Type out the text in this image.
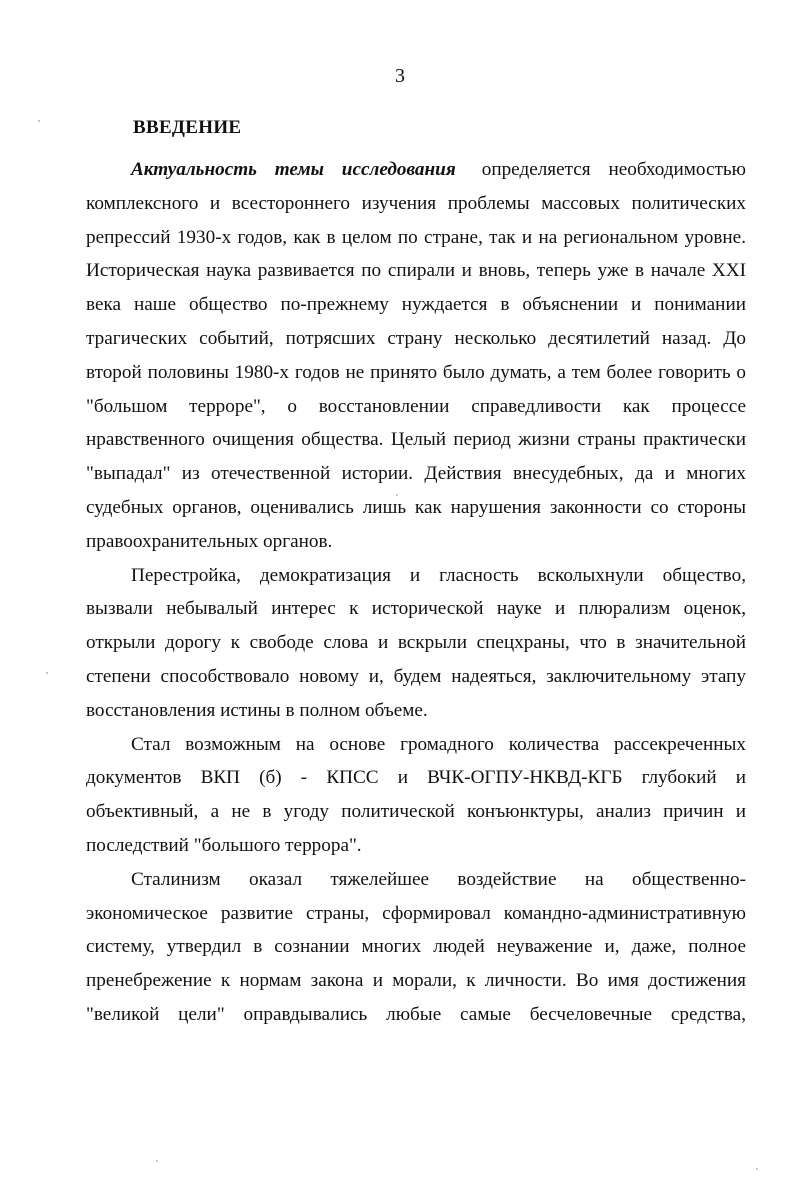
3
ВВЕДЕНИЕ

Актуальность темы исследования определяется необходимостью комплексного и всестороннего изучения проблемы массовых политических репрессий 1930-х годов, как в целом по стране, так и на региональном уровне. Историческая наука развивается по спирали и вновь, теперь уже в начале XXI века наше общество по-прежнему нуждается в объяснении и понимании трагических событий, потрясших страну несколько десятилетий назад. До второй половины 1980-х годов не принято было думать, а тем более говорить о "большом терроре", о восстановлении справедливости как процессе нравственного очищения общества. Целый период жизни страны практически "выпадал" из отечественной истории. Действия внесудебных, да и многих судебных органов, оценивались лишь как нарушения законности со стороны правоохранительных органов.

Перестройка, демократизация и гласность всколыхнули общество, вызвали небывалый интерес к исторической науке и плюрализм оценок, открыли дорогу к свободе слова и вскрыли спецхраны, что в значительной степени способствовало новому и, будем надеяться, заключительному этапу восстановления истины в полном объеме.

Стал возможным на основе громадного количества рассекреченных документов ВКП (б) - КПСС и ВЧК-ОГПУ-НКВД-КГБ глубокий и объективный, а не в угоду политической конъюнктуры, анализ причин и последствий "большого террора".

Сталинизм оказал тяжелейшее воздействие на общественно-экономическое развитие страны, сформировал командно-административную систему, утвердил в сознании многих людей неуважение и, даже, полное пренебрежение к нормам закона и морали, к личности. Во имя достижения "великой цели" оправдывались любые самые бесчеловечные средства,
